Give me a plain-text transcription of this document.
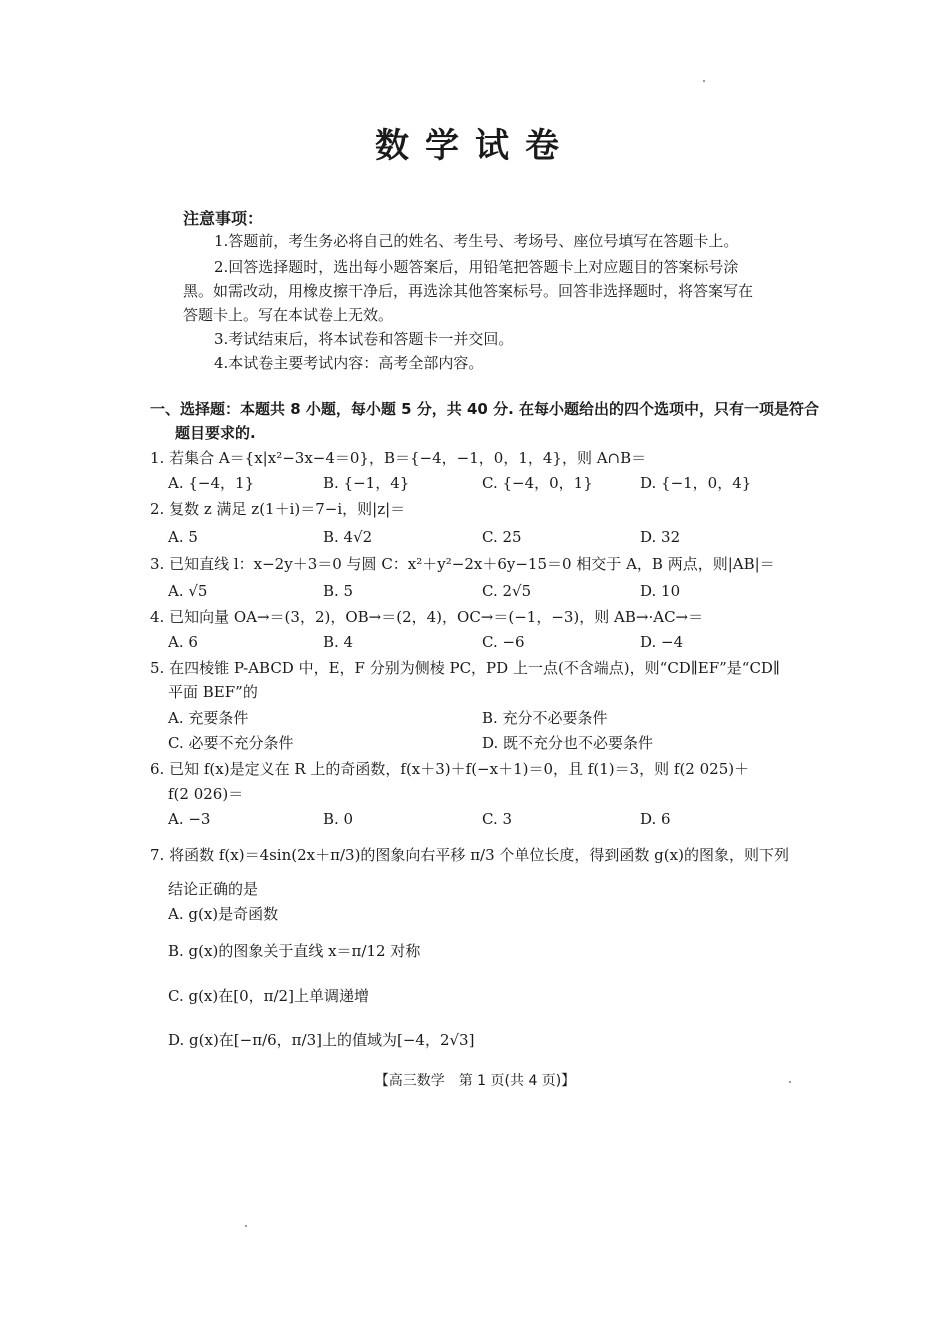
数学试卷
注意事项：
1.答题前，考生务必将自己的姓名、考生号、考场号、座位号填写在答题卡上。
2.回答选择题时，选出每小题答案后，用铅笔把答题卡上对应题目的答案标号涂
黑。如需改动，用橡皮擦干净后，再选涂其他答案标号。回答非选择题时，将答案写在
答题卡上。写在本试卷上无效。
3.考试结束后，将本试卷和答题卡一并交回。
4.本试卷主要考试内容：高考全部内容。
一、选择题：本题共 8 小题，每小题 5 分，共 40 分. 在每小题给出的四个选项中，只有一项是符合
题目要求的.
1. 若集合 A＝{x|x²−3x−4＝0}，B＝{−4，−1，0，1，4}，则 A∩B＝
A. {−4，1}	B. {−1，4}	C. {−4，0，1}	D. {−1，0，4}
2. 复数 z 满足 z(1＋i)＝7−i，则|z|＝
A. 5	B. 4√2	C. 25	D. 32
3. 已知直线 l：x−2y＋3＝0 与圆 C：x²＋y²−2x＋6y−15＝0 相交于 A，B 两点，则|AB|＝
A. √5	B. 5	C. 2√5	D. 10
4. 已知向量 OA→＝(3，2)，OB→＝(2，4)，OC→＝(−1，−3)，则 AB→·AC→＝
A. 6	B. 4	C. −6	D. −4
5. 在四棱锥 P-ABCD 中，E，F 分别为侧棱 PC，PD 上一点(不含端点)，则“CD∥EF”是“CD∥
平面 BEF”的
A. 充要条件	B. 充分不必要条件
C. 必要不充分条件	D. 既不充分也不必要条件
6. 已知 f(x)是定义在 R 上的奇函数，f(x＋3)＋f(−x＋1)＝0，且 f(1)＝3，则 f(2 025)＋
f(2 026)＝
A. −3	B. 0	C. 3	D. 6
7. 将函数 f(x)＝4sin(2x＋π/3)的图象向右平移 π/3 个单位长度，得到函数 g(x)的图象，则下列
结论正确的是
A. g(x)是奇函数
B. g(x)的图象关于直线 x＝π/12 对称
C. g(x)在[0，π/2]上单调递增
D. g(x)在[−π/6，π/3]上的值域为[−4，2√3]
【高三数学　第 1 页(共 4 页)】
